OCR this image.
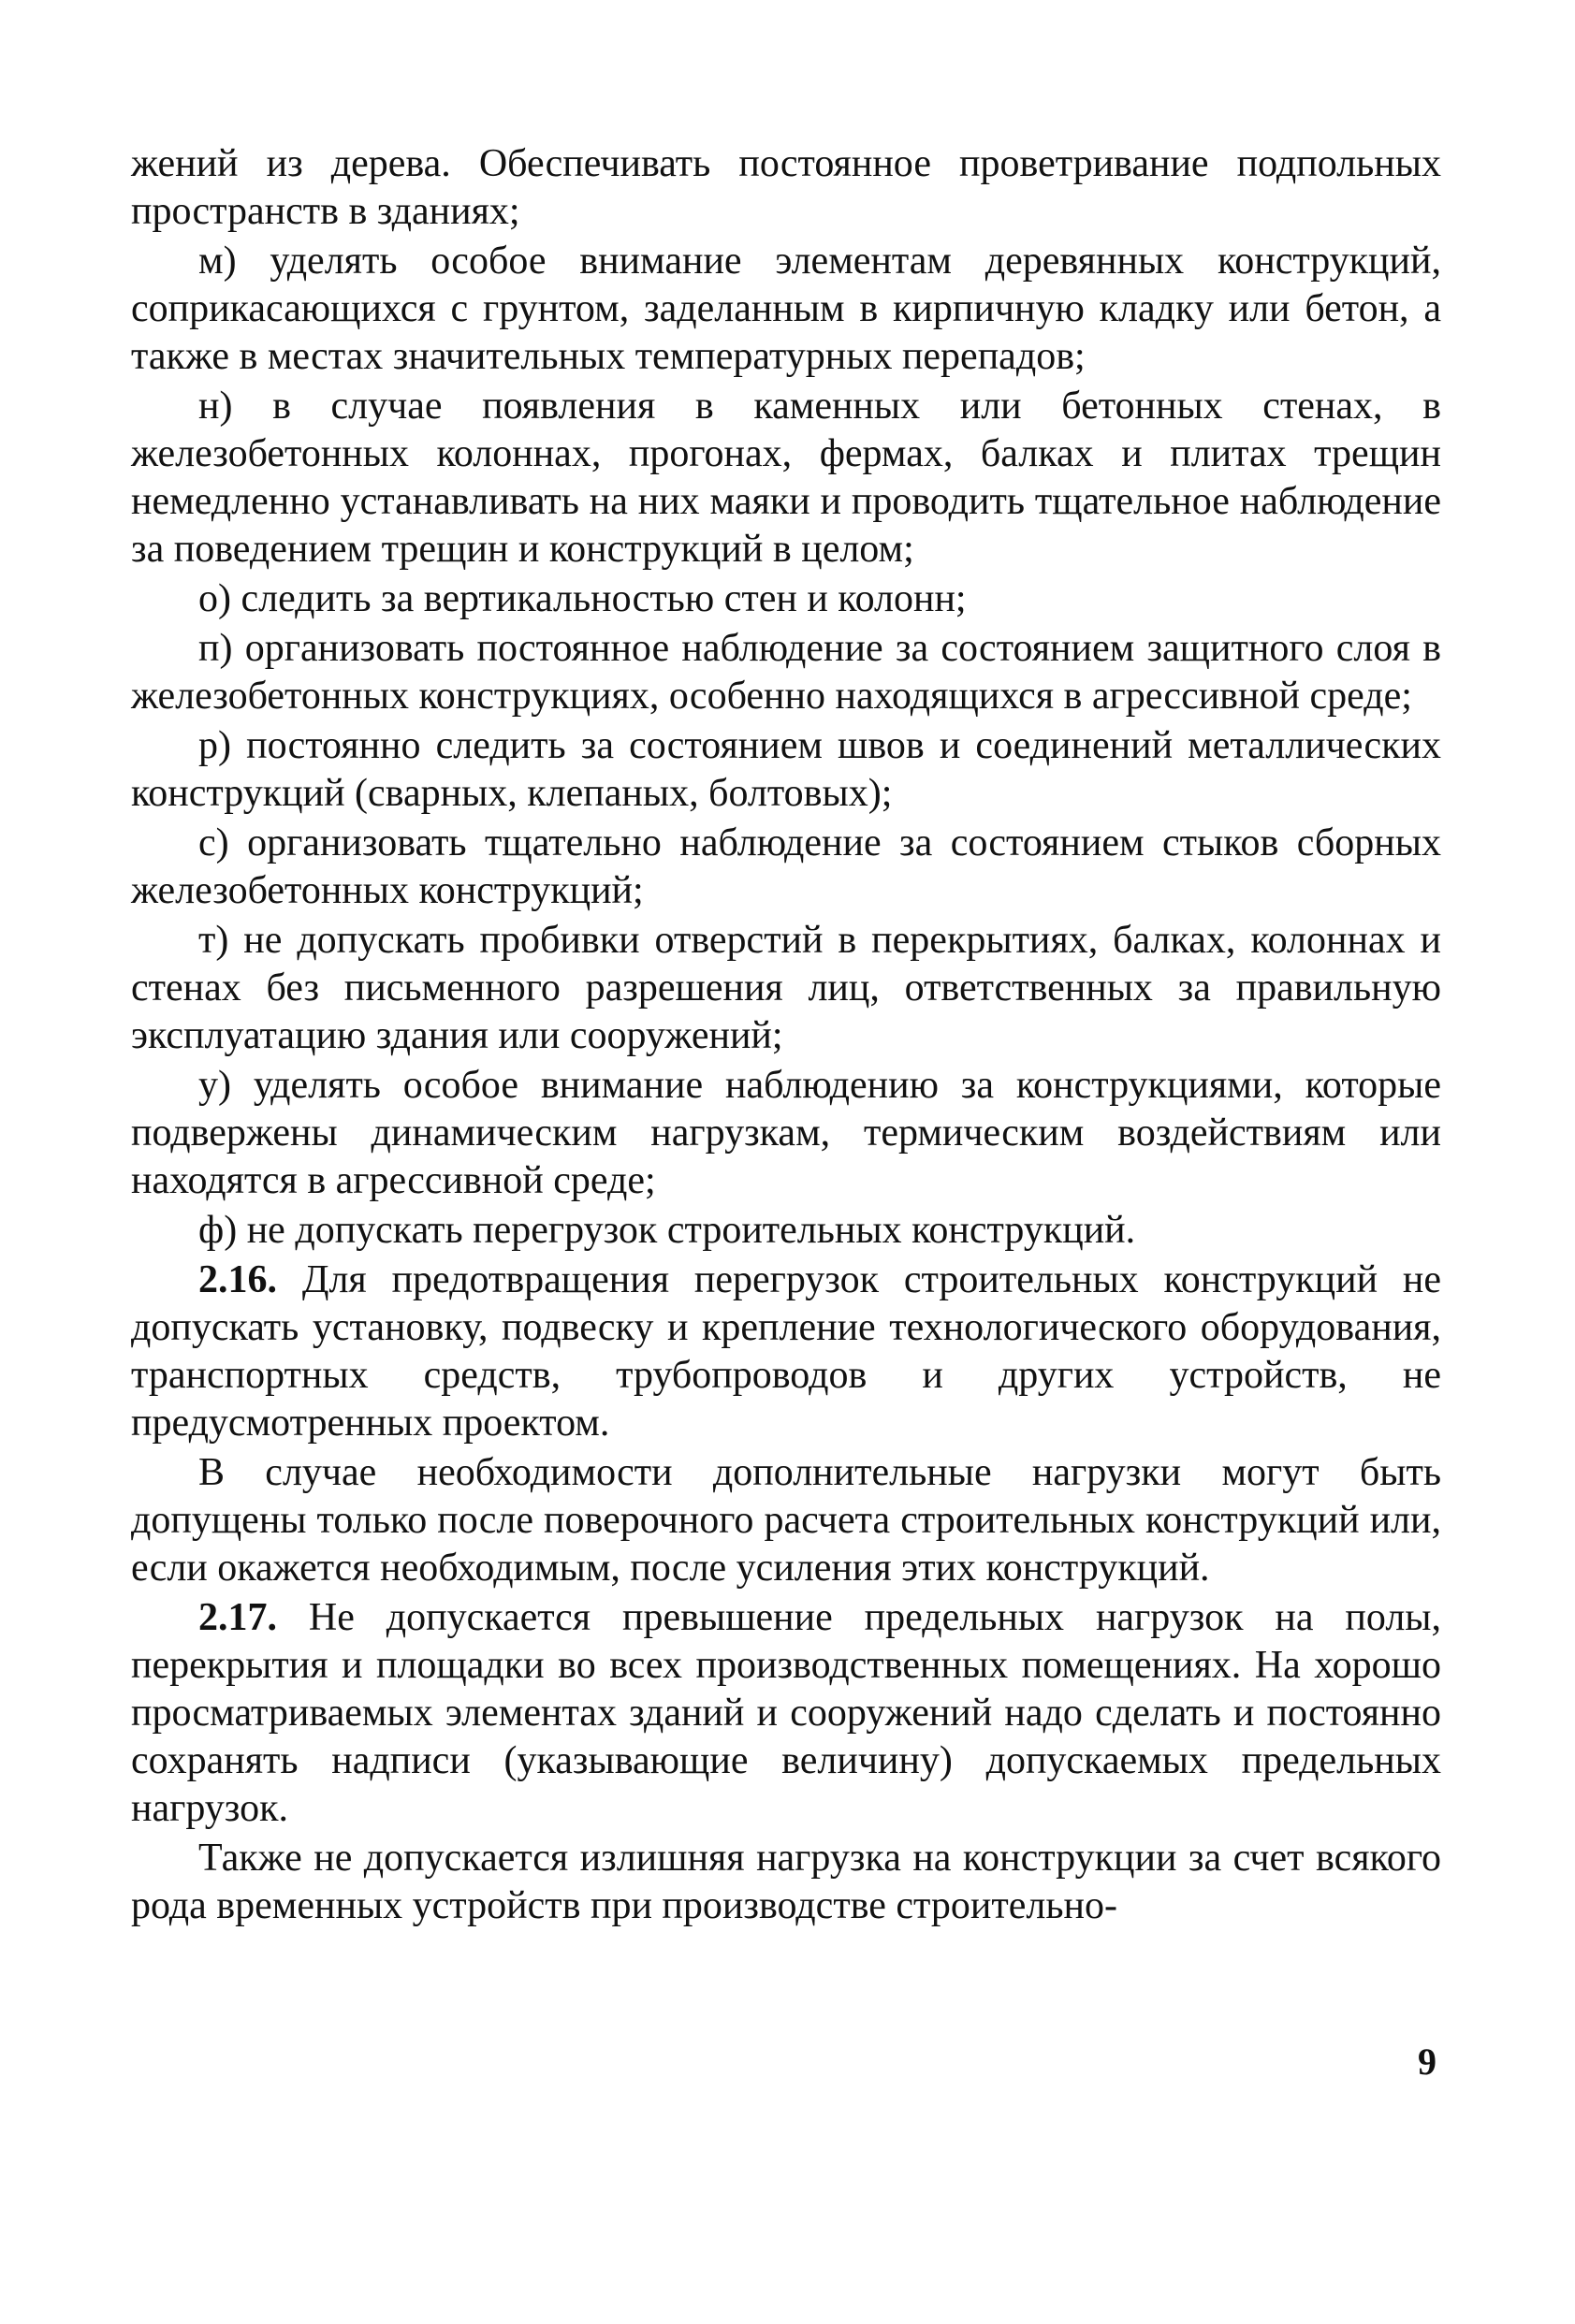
жений из дерева. Обеспечивать постоянное проветривание подпольных пространств в зданиях;

м) уделять особое внимание элементам деревянных конструкций, соприкасающихся с грунтом, заделанным в кирпичную кладку или бетон, а также в местах значительных температурных перепадов;

н) в случае появления в каменных или бетонных стенах, в железобетонных колоннах, прогонах, фермах, балках и плитах трещин немедленно устанавливать на них маяки и проводить тщательное наблюдение за поведением трещин и конструкций в целом;

о) следить за вертикальностью стен и колонн;

п) организовать постоянное наблюдение за состоянием защитного слоя в железобетонных конструкциях, особенно находящихся в агрессивной среде;

р) постоянно следить за состоянием швов и соединений металлических конструкций (сварных, клепаных, болтовых);

с) организовать тщательно наблюдение за состоянием стыков сборных железобетонных конструкций;

т) не допускать пробивки отверстий в перекрытиях, балках, колоннах и стенах без письменного разрешения лиц, ответственных за правильную эксплуатацию здания или сооружений;

у) уделять особое внимание наблюдению за конструкциями, которые подвержены динамическим нагрузкам, термическим воздействиям или находятся в агрессивной среде;

ф) не допускать перегрузок строительных конструкций.

2.16. Для предотвращения перегрузок строительных конструкций не допускать установку, подвеску и крепление технологического оборудования, транспортных средств, трубопроводов и других устройств, не предусмотренных проектом.

В случае необходимости дополнительные нагрузки могут быть допущены только после поверочного расчета строительных конструкций или, если окажется необходимым, после усиления этих конструкций.

2.17. Не допускается превышение предельных нагрузок на полы, перекрытия и площадки во всех производственных помещениях. На хорошо просматриваемых элементах зданий и сооружений надо сделать и постоянно сохранять надписи (указывающие величину) допускаемых предельных нагрузок.

Также не допускается излишняя нагрузка на конструкции за счет всякого рода временных устройств при производстве строительно-

9
